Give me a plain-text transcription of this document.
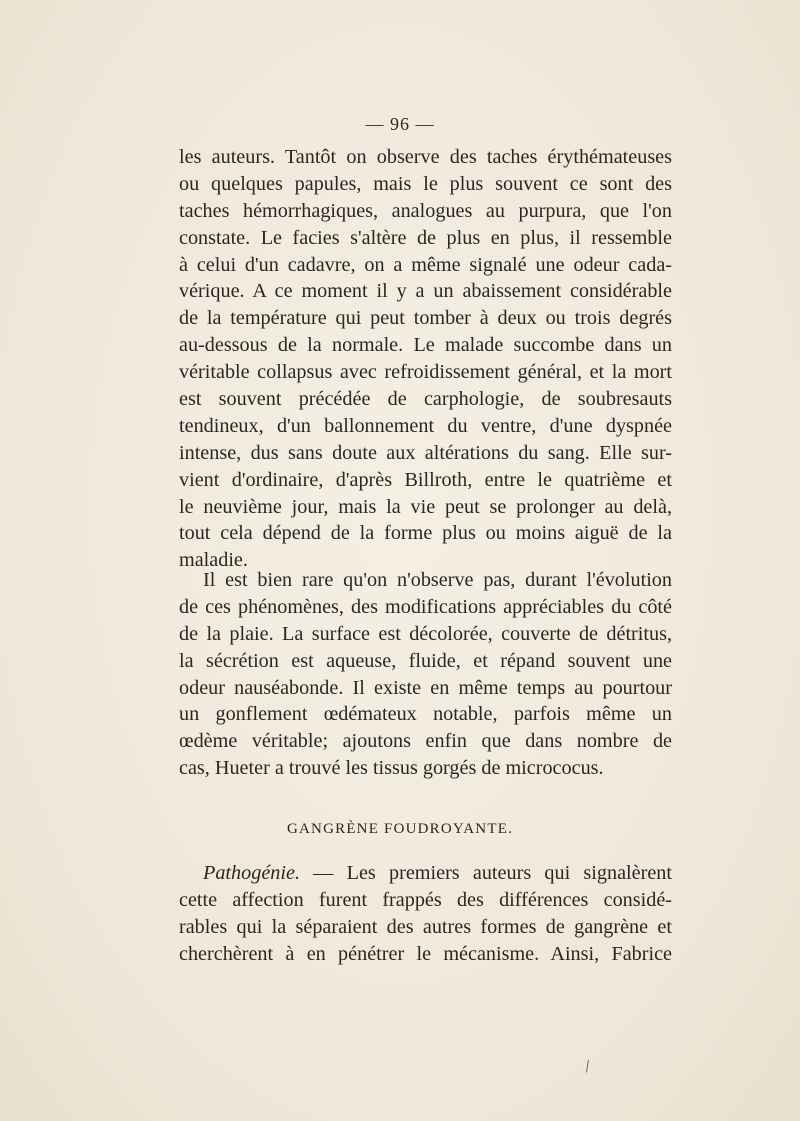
— 96 —
les auteurs. Tantôt on observe des taches érythémateuses
ou quelques papules, mais le plus souvent ce sont des
taches hémorrhagiques, analogues au purpura, que l'on
constate. Le facies s'altère de plus en plus, il ressemble
à celui d'un cadavre, on a même signalé une odeur cada-
vérique. A ce moment il y a un abaissement considérable
de la température qui peut tomber à deux ou trois degrés
au-dessous de la normale. Le malade succombe dans un
véritable collapsus avec refroidissement général, et la mort
est souvent précédée de carphologie, de soubresauts
tendineux, d'un ballonnement du ventre, d'une dyspnée
intense, dus sans doute aux altérations du sang. Elle sur-
vient d'ordinaire, d'après Billroth, entre le quatrième et
le neuvième jour, mais la vie peut se prolonger au delà,
tout cela dépend de la forme plus ou moins aiguë de la
maladie.
Il est bien rare qu'on n'observe pas, durant l'évolution
de ces phénomènes, des modifications appréciables du côté
de la plaie. La surface est décolorée, couverte de détritus,
la sécrétion est aqueuse, fluide, et répand souvent une
odeur nauséabonde. Il existe en même temps au pourtour
un gonflement œdémateux notable, parfois même un
œdème véritable; ajoutons enfin que dans nombre de
cas, Hueter a trouvé les tissus gorgés de micrococus.
GANGRÈNE FOUDROYANTE.
Pathogénie. — Les premiers auteurs qui signalèrent
cette affection furent frappés des différences considé-
rables qui la séparaient des autres formes de gangrène et
cherchèrent à en pénétrer le mécanisme. Ainsi, Fabrice
/
